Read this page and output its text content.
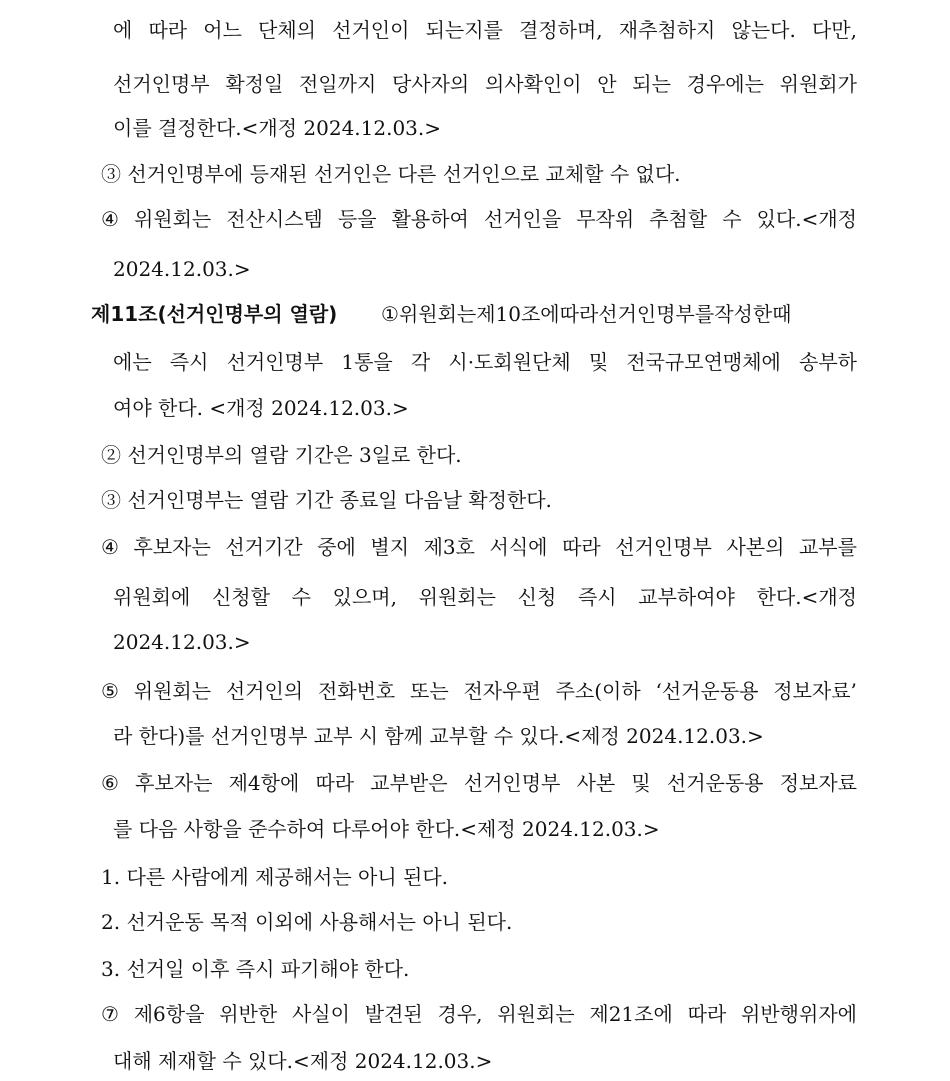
에 따라 어느 단체의 선거인이 되는지를 결정하며, 재추첨하지 않는다. 다만,
선거인명부 확정일 전일까지 당사자의 의사확인이 안 되는 경우에는 위원회가
이를 결정한다.<개정 2024.12.03.>
③ 선거인명부에 등재된 선거인은 다른 선거인으로 교체할 수 없다.
④ 위원회는 전산시스템 등을 활용하여 선거인을 무작위 추첨할 수 있다.<개정
2024.12.03.>
제11조(선거인명부의 열람) ①위원회는제10조에따라선거인명부를작성한때
에는 즉시 선거인명부 1통을 각 시·도회원단체 및 전국규모연맹체에 송부하
여야 한다. <개정 2024.12.03.>
② 선거인명부의 열람 기간은 3일로 한다.
③ 선거인명부는 열람 기간 종료일 다음날 확정한다.
④ 후보자는 선거기간 중에 별지 제3호 서식에 따라 선거인명부 사본의 교부를
위원회에 신청할 수 있으며, 위원회는 신청 즉시 교부하여야 한다.<개정
2024.12.03.>
⑤ 위원회는 선거인의 전화번호 또는 전자우편 주소(이하 ‘선거운동용 정보자료’
라 한다)를 선거인명부 교부 시 함께 교부할 수 있다.<제정 2024.12.03.>
⑥ 후보자는 제4항에 따라 교부받은 선거인명부 사본 및 선거운동용 정보자료
를 다음 사항을 준수하여 다루어야 한다.<제정 2024.12.03.>
1. 다른 사람에게 제공해서는 아니 된다.
2. 선거운동 목적 이외에 사용해서는 아니 된다.
3. 선거일 이후 즉시 파기해야 한다.
⑦ 제6항을 위반한 사실이 발견된 경우, 위원회는 제21조에 따라 위반행위자에
대해 제재할 수 있다.<제정 2024.12.03.>
